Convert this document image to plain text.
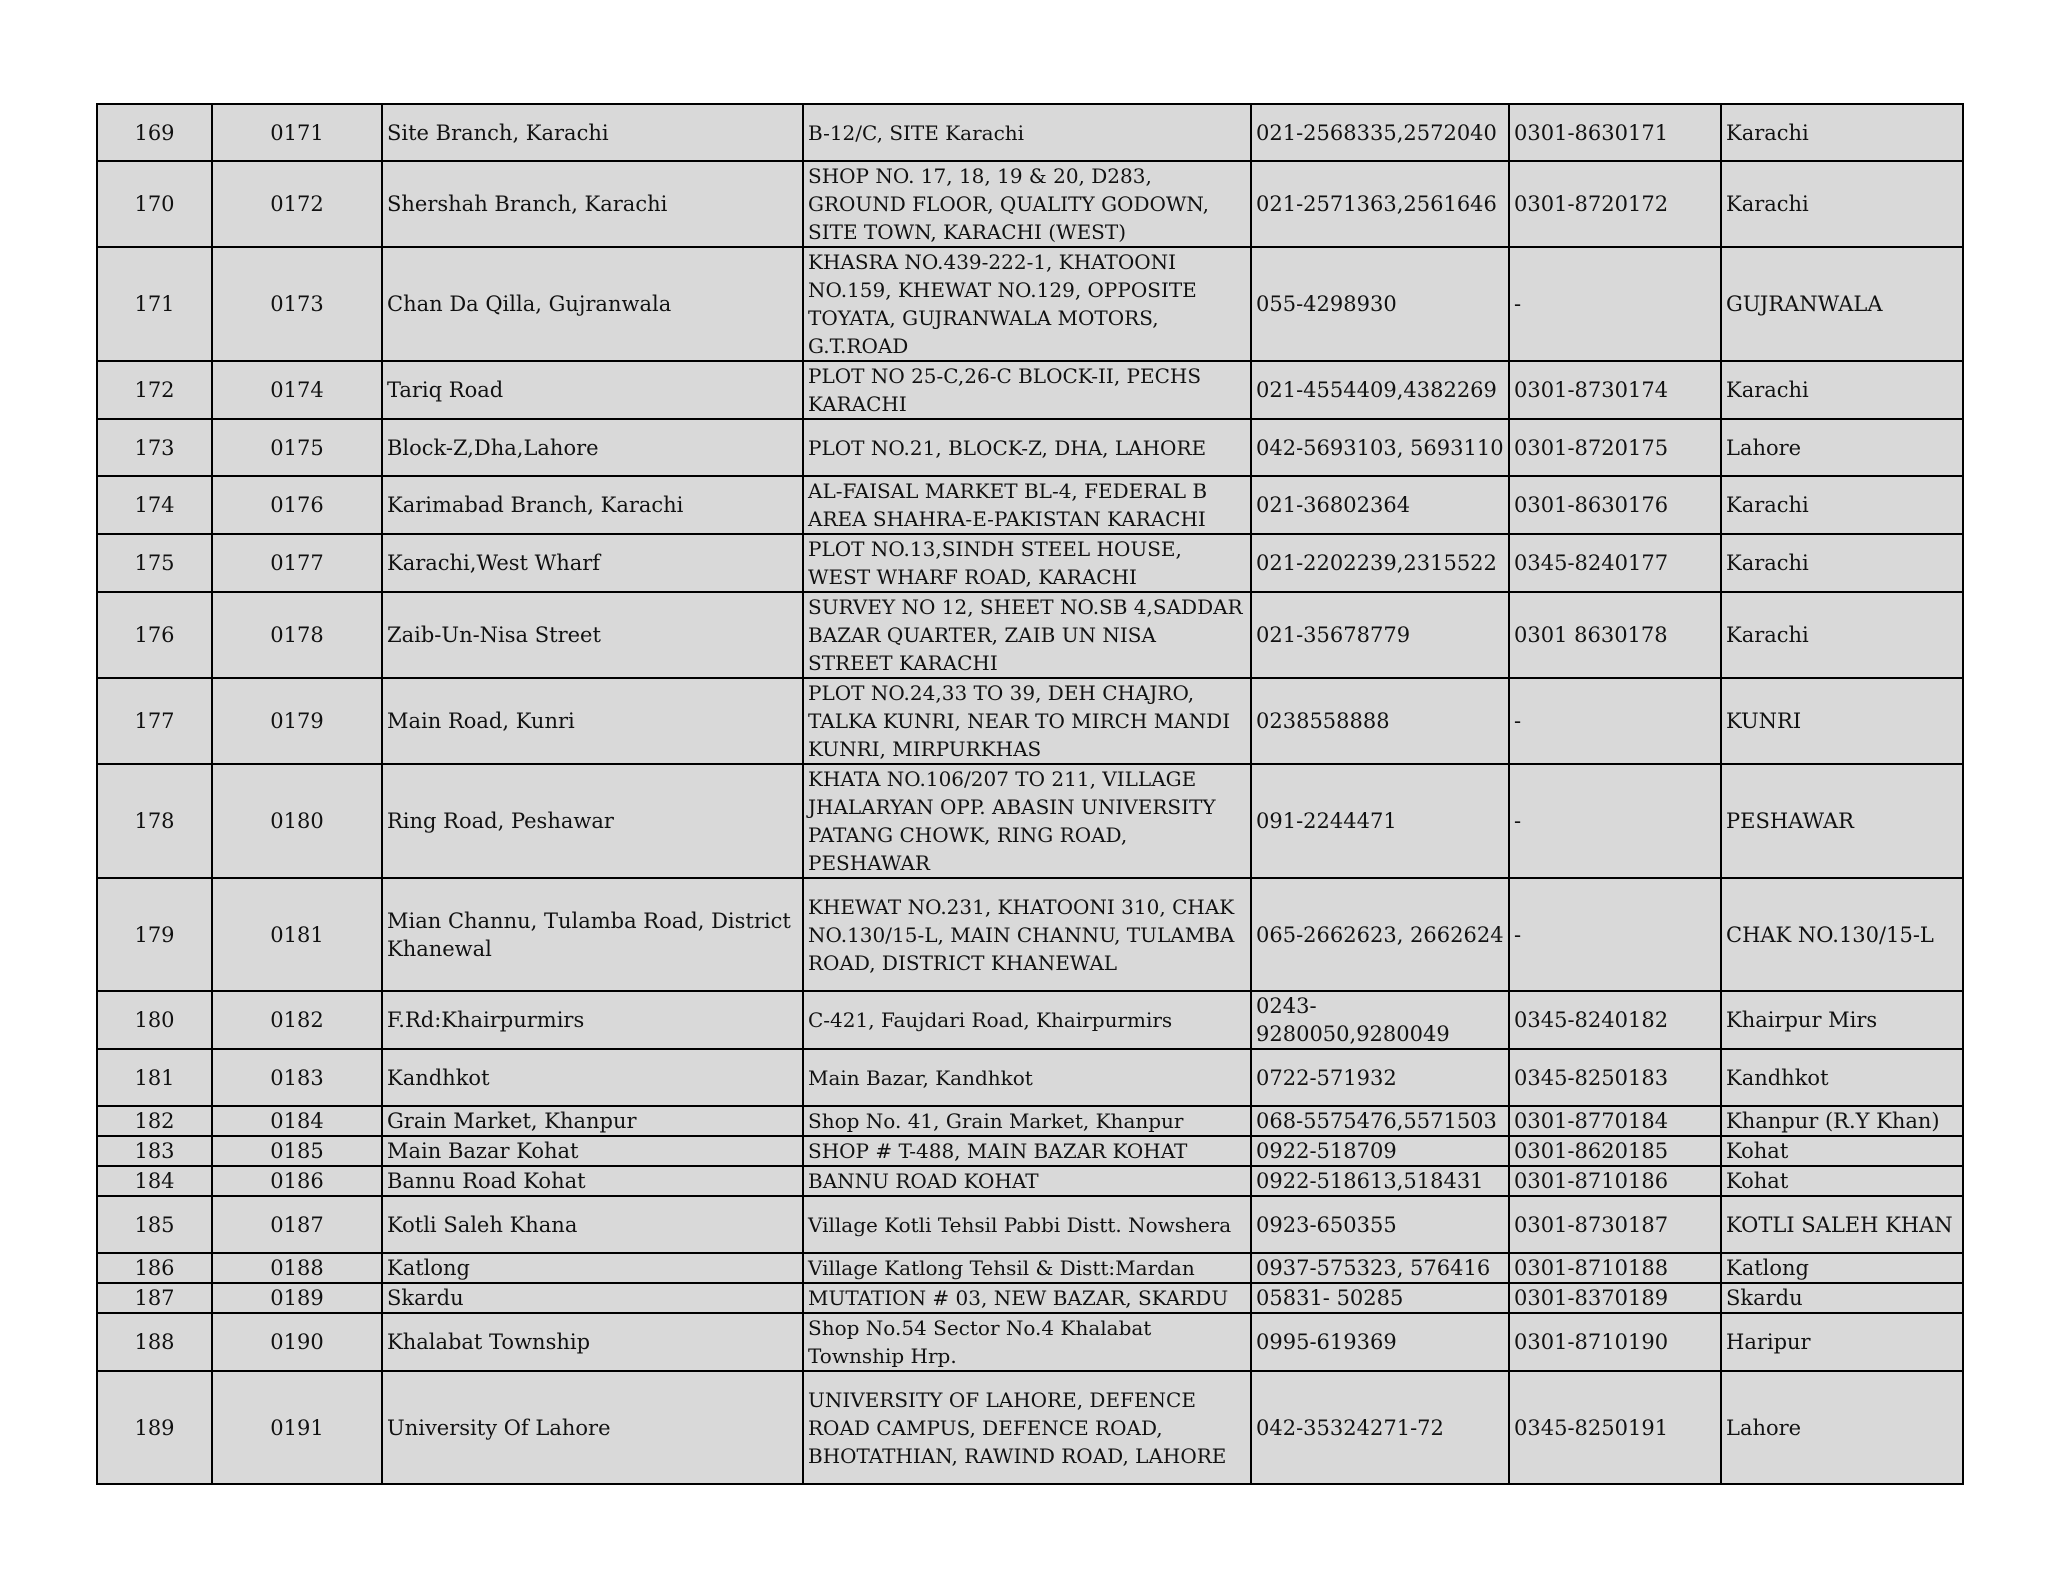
169	0171	Site Branch, Karachi	B-12/C, SITE Karachi	021-2568335,2572040	0301-8630171	Karachi
170	0172	Shershah Branch, Karachi	SHOP NO. 17, 18, 19 & 20, D283, GROUND FLOOR, QUALITY GODOWN, SITE TOWN, KARACHI (WEST)	021-2571363,2561646	0301-8720172	Karachi
171	0173	Chan Da Qilla, Gujranwala	KHASRA NO.439-222-1, KHATOONI NO.159, KHEWAT NO.129, OPPOSITE TOYATA, GUJRANWALA MOTORS, G.T.ROAD	055-4298930	-	GUJRANWALA
172	0174	Tariq Road	PLOT NO 25-C,26-C BLOCK-II, PECHS KARACHI	021-4554409,4382269	0301-8730174	Karachi
173	0175	Block-Z,Dha,Lahore	PLOT NO.21, BLOCK-Z, DHA, LAHORE	042-5693103, 5693110	0301-8720175	Lahore
174	0176	Karimabad Branch, Karachi	AL-FAISAL MARKET BL-4, FEDERAL B AREA SHAHRA-E-PAKISTAN KARACHI	021-36802364	0301-8630176	Karachi
175	0177	Karachi,West Wharf	PLOT NO.13,SINDH STEEL HOUSE, WEST WHARF ROAD, KARACHI	021-2202239,2315522	0345-8240177	Karachi
176	0178	Zaib-Un-Nisa Street	SURVEY NO 12, SHEET NO.SB 4,SADDAR BAZAR QUARTER, ZAIB UN NISA STREET KARACHI	021-35678779	0301 8630178	Karachi
177	0179	Main Road, Kunri	PLOT NO.24,33 TO 39, DEH CHAJRO, TALKA KUNRI, NEAR TO MIRCH MANDI KUNRI, MIRPURKHAS	0238558888	-	KUNRI
178	0180	Ring Road, Peshawar	KHATA NO.106/207 TO 211, VILLAGE JHALARYAN OPP. ABASIN UNIVERSITY PATANG CHOWK, RING ROAD, PESHAWAR	091-2244471	-	PESHAWAR
179	0181	Mian Channu, Tulamba Road, District Khanewal	KHEWAT NO.231, KHATOONI 310, CHAK NO.130/15-L, MAIN CHANNU, TULAMBA ROAD, DISTRICT KHANEWAL	065-2662623, 2662624	-	CHAK NO.130/15-L
180	0182	F.Rd:Khairpurmirs	C-421, Faujdari Road, Khairpurmirs	0243-9280050,9280049	0345-8240182	Khairpur Mirs
181	0183	Kandhkot	Main Bazar, Kandhkot	0722-571932	0345-8250183	Kandhkot
182	0184	Grain Market, Khanpur	Shop No. 41, Grain Market, Khanpur	068-5575476,5571503	0301-8770184	Khanpur (R.Y Khan)
183	0185	Main Bazar Kohat	SHOP # T-488, MAIN BAZAR KOHAT	0922-518709	0301-8620185	Kohat
184	0186	Bannu Road Kohat	BANNU ROAD KOHAT	0922-518613,518431	0301-8710186	Kohat
185	0187	Kotli Saleh Khana	Village Kotli Tehsil Pabbi Distt. Nowshera	0923-650355	0301-8730187	KOTLI SALEH KHAN
186	0188	Katlong	Village Katlong Tehsil & Distt:Mardan	0937-575323, 576416	0301-8710188	Katlong
187	0189	Skardu	MUTATION # 03, NEW BAZAR, SKARDU	05831- 50285	0301-8370189	Skardu
188	0190	Khalabat Township	Shop No.54 Sector No.4 Khalabat Township Hrp.	0995-619369	0301-8710190	Haripur
189	0191	University Of Lahore	UNIVERSITY OF LAHORE, DEFENCE ROAD CAMPUS, DEFENCE ROAD, BHOTATHIAN, RAWIND ROAD, LAHORE	042-35324271-72	0345-8250191	Lahore
